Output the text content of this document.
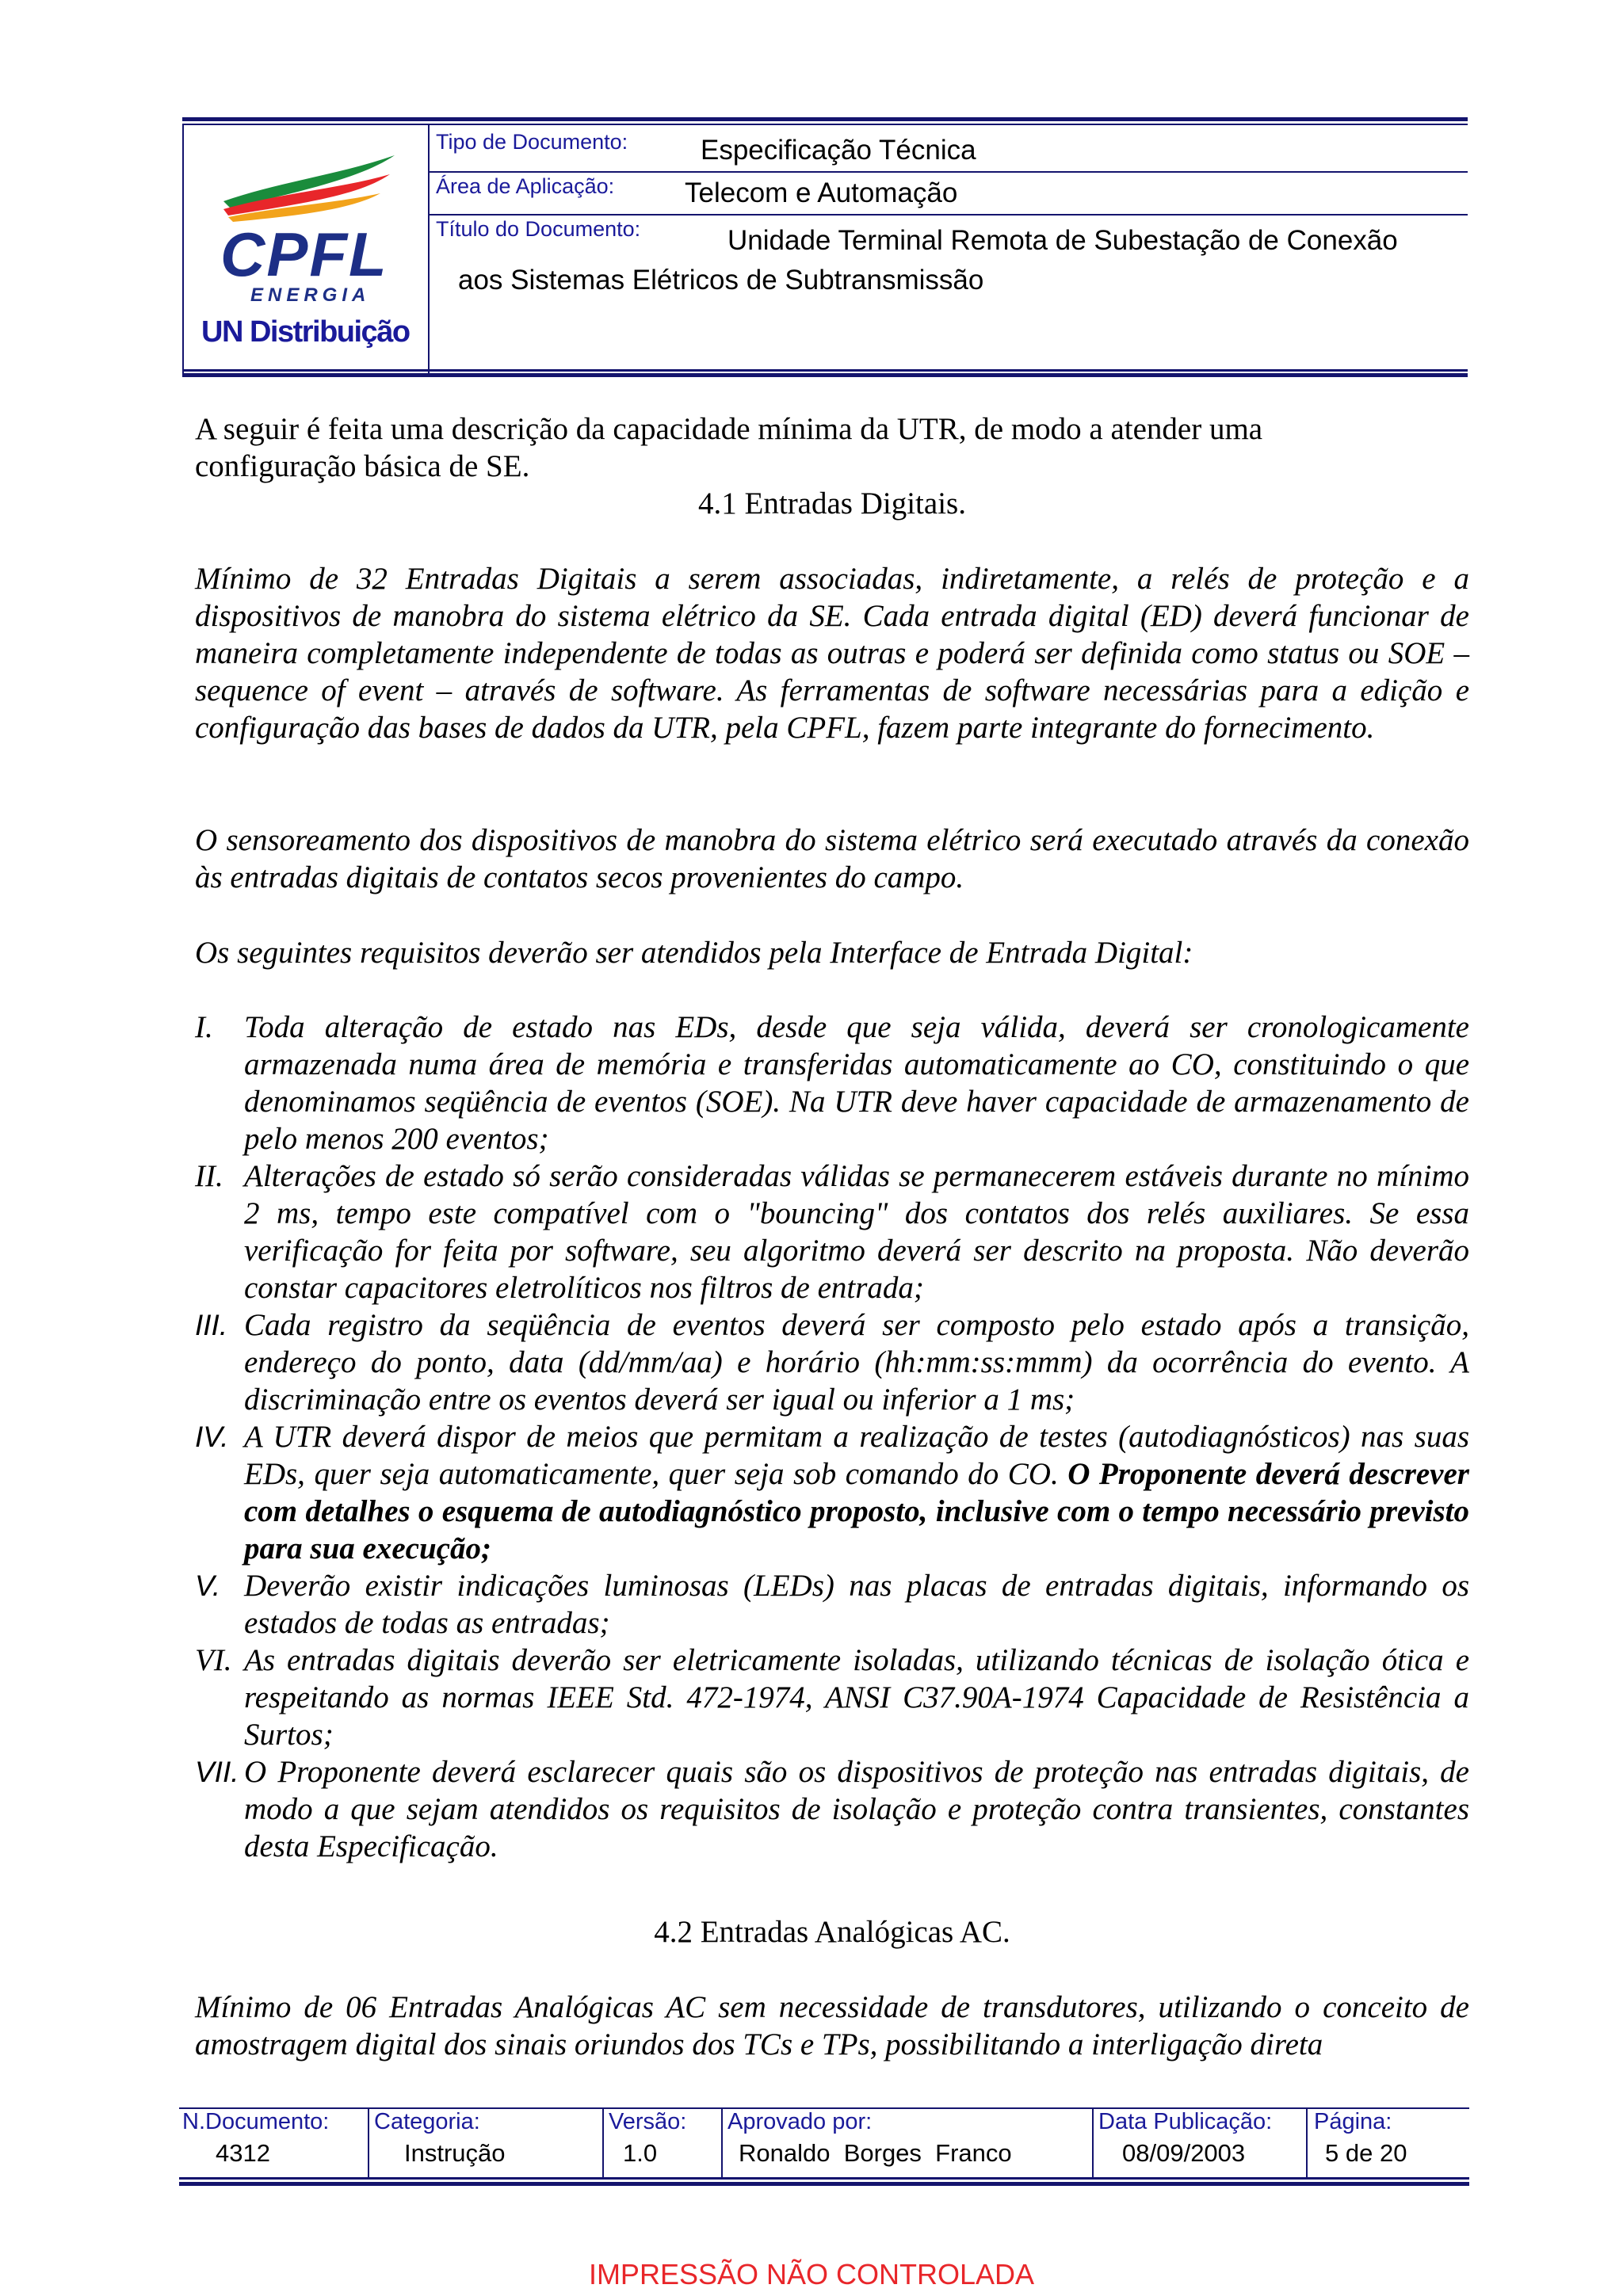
CPFL
ENERGIA
UN Distribuição
Tipo de Documento:	Especificação Técnica
Área de Aplicação:	Telecom e Automação
Título do Documento:	Unidade Terminal Remota de Subestação de Conexão
aos Sistemas Elétricos de Subtransmissão
A seguir é feita uma descrição da capacidade mínima da UTR, de modo a atender uma
configuração básica de SE.
4.1 Entradas Digitais.
Mínimo de 32 Entradas Digitais a serem associadas, indiretamente, a relés de proteção e a dispositivos de manobra do sistema elétrico da SE. Cada entrada digital (ED) deverá funcionar de maneira completamente independente de todas as outras e poderá ser definida como status ou SOE – sequence of event – através de software. As ferramentas de software necessárias para a edição e configuração das bases de dados da UTR, pela CPFL, fazem parte integrante do fornecimento.
O sensoreamento dos dispositivos de manobra do sistema elétrico será executado através da conexão às entradas digitais de contatos secos provenientes do campo.
Os seguintes requisitos deverão ser atendidos pela Interface de Entrada Digital:
I. Toda alteração de estado nas EDs, desde que seja válida, deverá ser cronologicamente armazenada numa área de memória e transferidas automaticamente ao CO, constituindo o que denominamos seqüência de eventos (SOE). Na UTR deve haver capacidade de armazenamento de pelo menos 200 eventos;
II. Alterações de estado só serão consideradas válidas se permanecerem estáveis durante no mínimo 2 ms, tempo este compatível com o "bouncing" dos contatos dos relés auxiliares. Se essa verificação for feita por software, seu algoritmo deverá ser descrito na proposta. Não deverão constar capacitores eletrolíticos nos filtros de entrada;
III. Cada registro da seqüência de eventos deverá ser composto pelo estado após a transição, endereço do ponto, data (dd/mm/aa) e horário (hh:mm:ss:mmm) da ocorrência do evento. A discriminação entre os eventos deverá ser igual ou inferior a 1 ms;
IV. A UTR deverá dispor de meios que permitam a realização de testes (autodiagnósticos) nas suas EDs, quer seja automaticamente, quer seja sob comando do CO. O Proponente deverá descrever com detalhes o esquema de autodiagnóstico proposto, inclusive com o tempo necessário previsto para sua execução;
V. Deverão existir indicações luminosas (LEDs) nas placas de entradas digitais, informando os estados de todas as entradas;
VI. As entradas digitais deverão ser eletricamente isoladas, utilizando técnicas de isolação ótica e respeitando as normas IEEE Std. 472-1974, ANSI C37.90A-1974 Capacidade de Resistência a Surtos;
VII. O Proponente deverá esclarecer quais são os dispositivos de proteção nas entradas digitais, de modo a que sejam atendidos os requisitos de isolação e proteção contra transientes, constantes desta Especificação.
4.2 Entradas Analógicas AC.
Mínimo de 06 Entradas Analógicas AC sem necessidade de transdutores, utilizando o conceito de amostragem digital dos sinais oriundos dos TCs e TPs, possibilitando a interligação direta
N.Documento:
4312
Categoria:
Instrução
Versão:
1.0
Aprovado por:
Ronaldo  Borges  Franco
Data Publicação:
08/09/2003
Página:
5 de 20
IMPRESSÃO NÃO CONTROLADA
